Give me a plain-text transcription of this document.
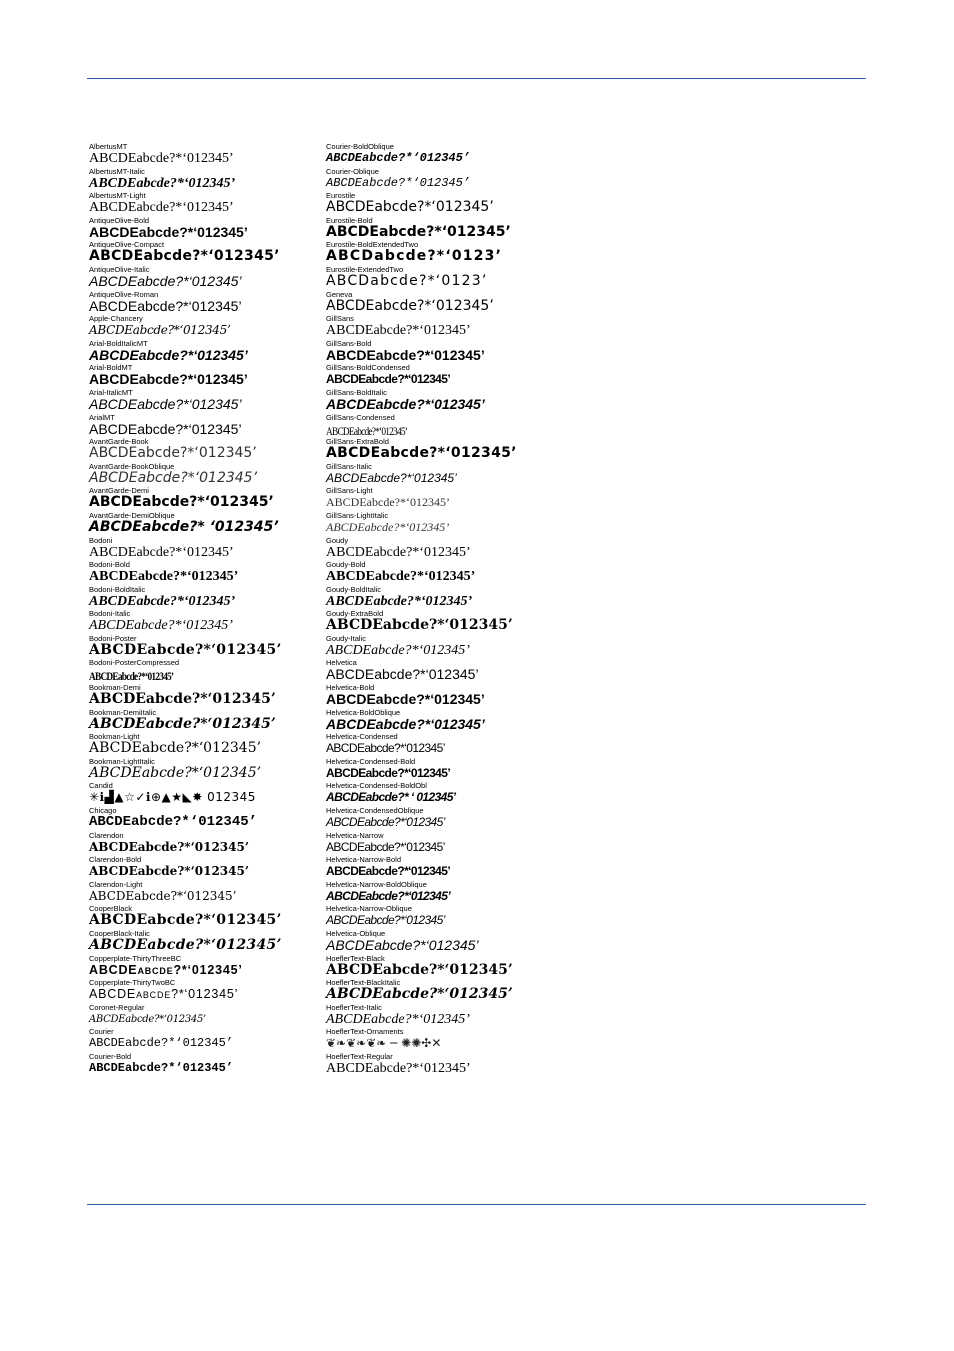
AlbertusMT
ABCDEabcde?*‘012345’
AlbertusMT-Italic
ABCDEabcde?*‘012345’
AlbertusMT-Light
ABCDEabcde?*‘012345’
AntiqueOlive-Bold
ABCDEabcde?*‘012345’
AntiqueOlive-Compact
ABCDEabcde?*‘012345’
AntiqueOlive-Italic
ABCDEabcde?*‘012345’
AntiqueOlive-Roman
ABCDEabcde?*‘012345’
Apple-Chancery
ABCDEabcde?*‘012345’
Arial-BoldItalicMT
ABCDEabcde?*‘012345’
Arial-BoldMT
ABCDEabcde?*‘012345’
Arial-ItalicMT
ABCDEabcde?*‘012345’
ArialMT
ABCDEabcde?*‘012345’
AvantGarde-Book
ABCDEabcde?*‘012345’
AvantGarde-BookOblique
ABCDEabcde?*‘012345’
AvantGarde-Demi
ABCDEabcde?*‘012345’
AvantGarde-DemiOblique
ABCDEabcde?* ‘012345’
Bodoni
ABCDEabcde?*‘012345’
Bodoni-Bold
ABCDEabcde?*‘012345’
Bodoni-BoldItalic
ABCDEabcde?*‘012345’
Bodoni-Italic
ABCDEabcde?*‘012345’
Bodoni-Poster
ABCDEabcde?*‘012345’
Bodoni-PosterCompressed
ABCDEabcde?*‘012345’
Bookman-Demi
ABCDEabcde?*‘012345’
Bookman-DemiItalic
ABCDEabcde?*‘012345’
Bookman-Light
ABCDEabcde?*‘012345’
Bookman-LightItalic
ABCDEabcde?*‘012345’
Candid
✳ℹ▟▲☆✓ℹ⊕▲★◣✸ 012345
Chicago
ABCDEabcde?*‘012345’
Clarendon
ABCDEabcde?*‘012345’
Clarendon-Bold
ABCDEabcde?*‘012345’
Clarendon-Light
ABCDEabcde?*‘012345’
CooperBlack
ABCDEabcde?*‘012345’
CooperBlack-Italic
ABCDEabcde?*‘012345’
Copperplate-ThirtyThreeBC
ABCDEabcde?*‘012345’
Copperplate-ThirtyTwoBC
ABCDEabcde?*‘012345’
Coronet-Regular
ABCDEabcde?*‘012345’
Courier
ABCDEabcde?*‘012345’
Courier-Bold
ABCDEabcde?*‘012345’
Courier-BoldOblique
ABCDEabcde?*‘012345’
Courier-Oblique
ABCDEabcde?*‘012345’
Eurostile
ABCDEabcde?*‘012345’
Eurostile-Bold
ABCDEabcde?*‘012345’
Eurostile-BoldExtendedTwo
ABCDabcde?*‘0123’
Eurostile-ExtendedTwo
ABCDabcde?*‘0123’
Geneva
ABCDEabcde?*‘012345’
GillSans
ABCDEabcde?*‘012345’
GillSans-Bold
ABCDEabcde?*‘012345’
GillSans-BoldCondensed
ABCDEabcde?*‘012345’
GillSans-BoldItalic
ABCDEabcde?*‘012345’
GillSans-Condensed
ABCDEabcde?*‘012345’
GillSans-ExtraBold
ABCDEabcde?*‘012345’
GillSans-Italic
ABCDEabcde?*‘012345’
GillSans-Light
ABCDEabcde?*‘012345’
GillSans-LightItalic
ABCDEabcde?*‘012345’
Goudy
ABCDEabcde?*‘012345’
Goudy-Bold
ABCDEabcde?*‘012345’
Goudy-BoldItalic
ABCDEabcde?*‘012345’
Goudy-ExtraBold
ABCDEabcde?*‘012345’
Goudy-Italic
ABCDEabcde?*‘012345’
Helvetica
ABCDEabcde?*‘012345’
Helvetica-Bold
ABCDEabcde?*‘012345’
Helvetica-BoldOblique
ABCDEabcde?*‘012345’
Helvetica-Condensed
ABCDEabcde?*‘012345’
Helvetica-Condensed-Bold
ABCDEabcde?*‘012345’
Helvetica-Condensed-BoldObl
ABCDEabcde?* ‘ 012345’
Helvetica-CondensedOblique
ABCDEabcde?*‘012345’
Helvetica-Narrow
ABCDEabcde?*‘012345’
Helvetica-Narrow-Bold
ABCDEabcde?*‘012345’
Helvetica-Narrow-BoldOblique
ABCDEabcde?*‘012345’
Helvetica-Narrow-Oblique
ABCDEabcde?*‘012345’
Helvetica-Oblique
ABCDEabcde?*‘012345’
HoeflerText-Black
ABCDEabcde?*‘012345’
HoeflerText-BlackItalic
ABCDEabcde?*‘012345’
HoeflerText-Italic
ABCDEabcde?*‘012345’
HoeflerText-Ornaments
❦❧❦❧❦❧ ─ ✺✺✣✕
HoeflerText-Regular
ABCDEabcde?*‘012345’
